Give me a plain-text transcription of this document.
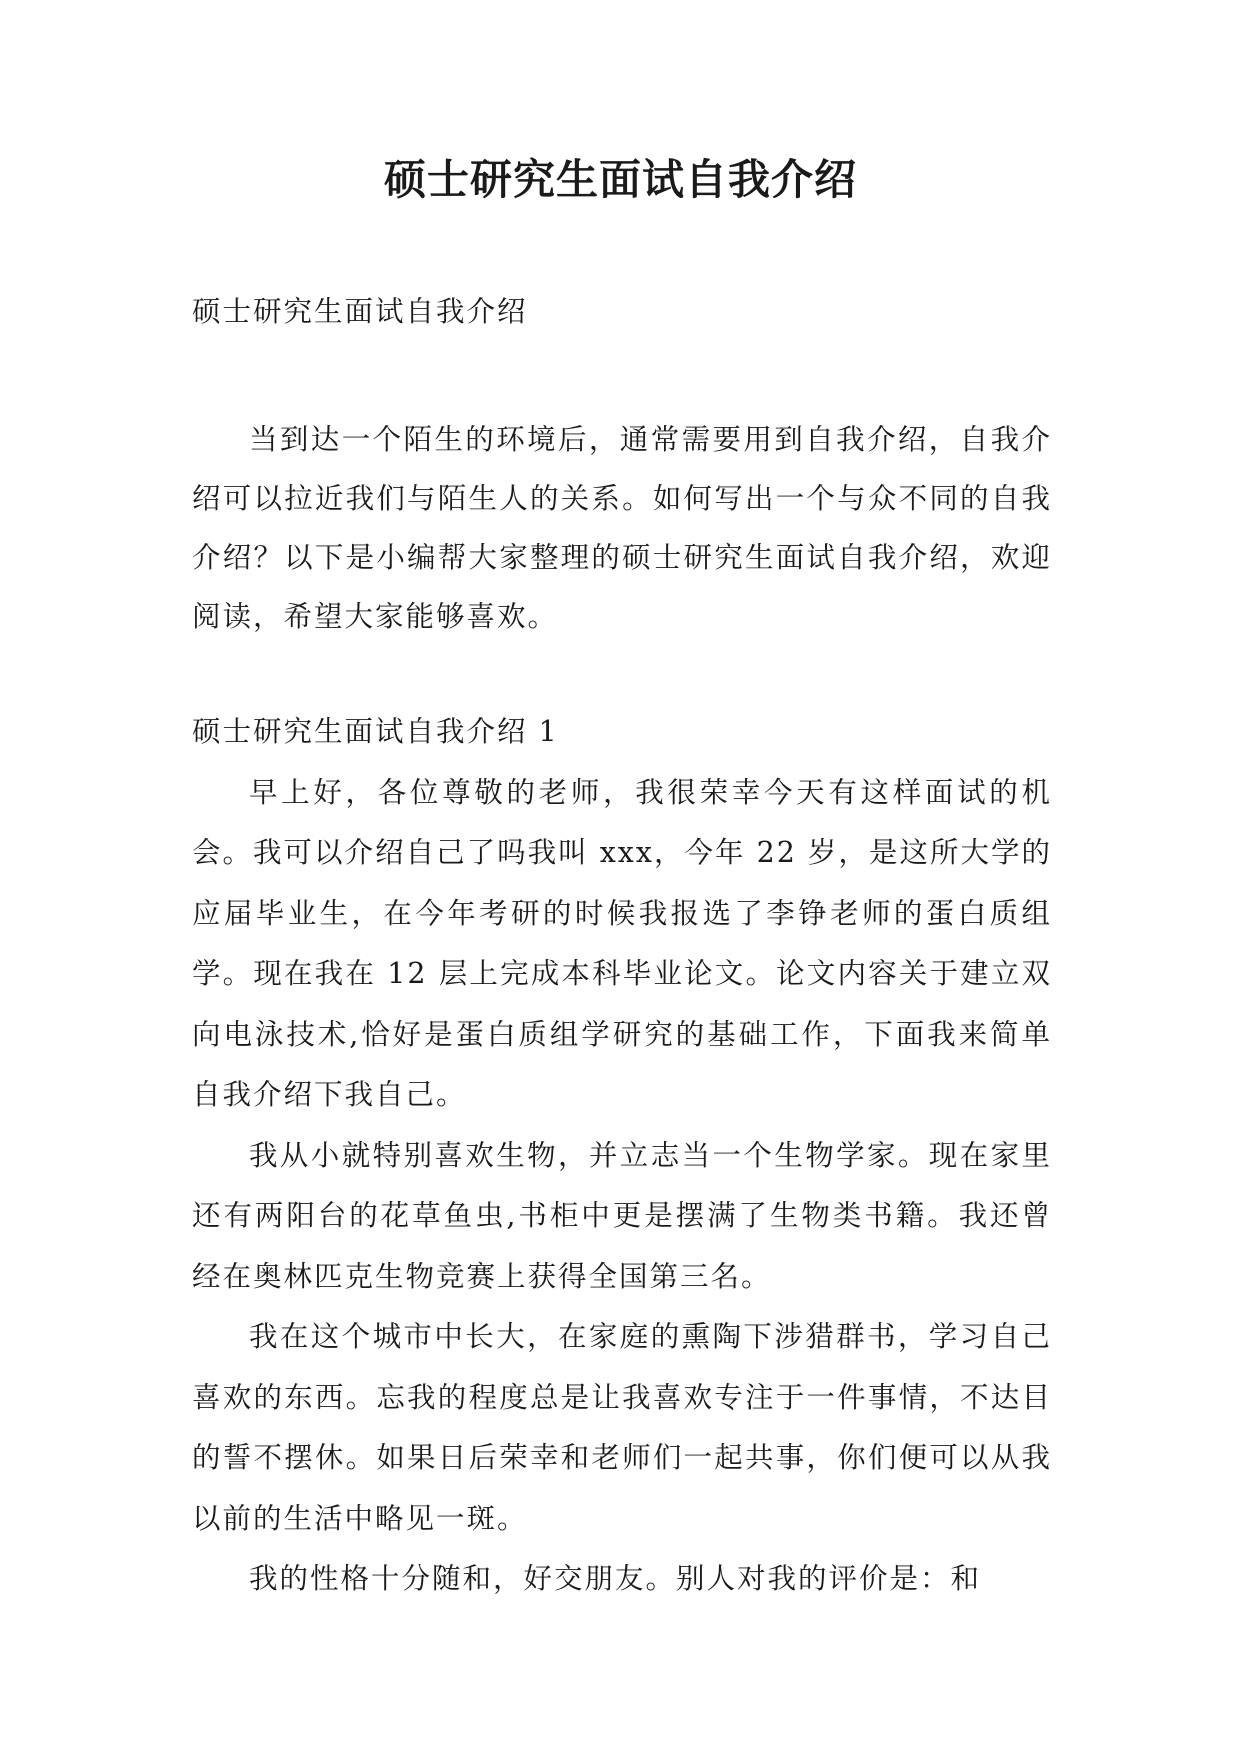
硕士研究生面试自我介绍
硕士研究生面试自我介绍

当到达一个陌生的环境后，通常需要用到自我介绍，自我介绍可以拉近我们与陌生人的关系。如何写出一个与众不同的自我介绍？以下是小编帮大家整理的硕士研究生面试自我介绍，欢迎阅读，希望大家能够喜欢。

硕士研究生面试自我介绍 1

早上好，各位尊敬的老师，我很荣幸今天有这样面试的机会。我可以介绍自己了吗我叫 xxx，今年 22 岁，是这所大学的应届毕业生，在今年考研的时候我报选了李铮老师的蛋白质组学。现在我在 12 层上完成本科毕业论文。论文内容关于建立双向电泳技术,恰好是蛋白质组学研究的基础工作，下面我来简单自我介绍下我自己。

我从小就特别喜欢生物，并立志当一个生物学家。现在家里还有两阳台的花草鱼虫,书柜中更是摆满了生物类书籍。我还曾经在奥林匹克生物竞赛上获得全国第三名。

我在这个城市中长大，在家庭的熏陶下涉猎群书，学习自己喜欢的东西。忘我的程度总是让我喜欢专注于一件事情，不达目的誓不摆休。如果日后荣幸和老师们一起共事，你们便可以从我以前的生活中略见一斑。

我的性格十分随和，好交朋友。别人对我的评价是：和
